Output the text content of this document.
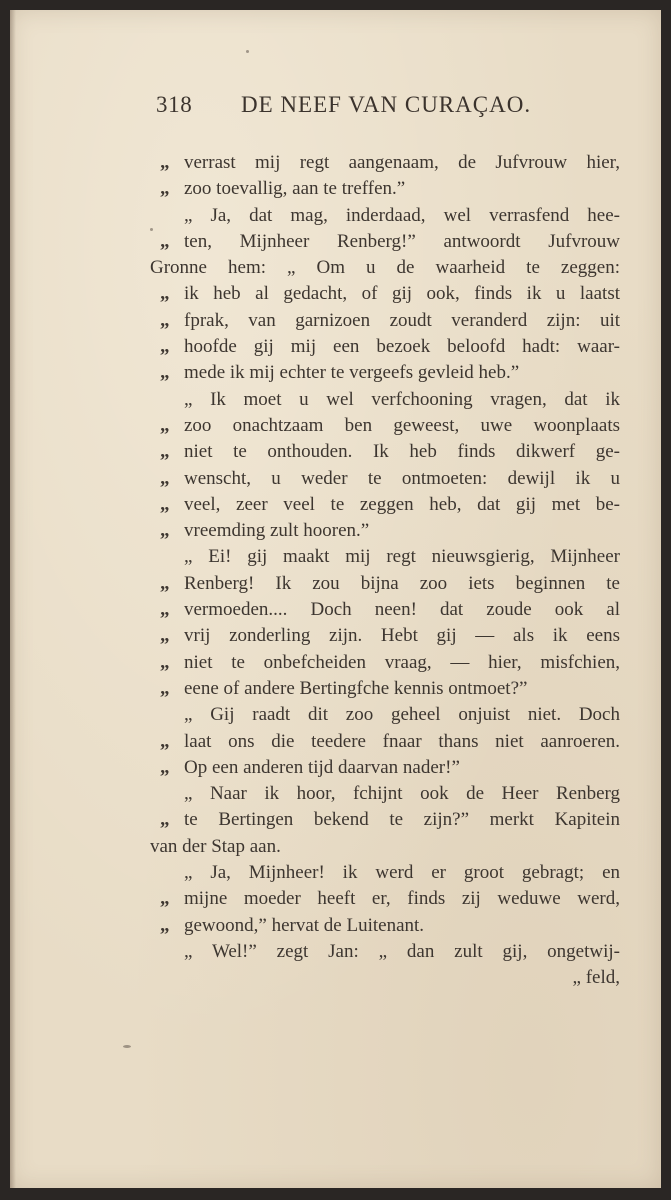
318 DE NEEF VAN CURAÇAO.
„ verrast mij regt aangenaam, de Jufvrouw hier,
„ zoo toevallig, aan te treffen.”
„ Ja, dat mag, inderdaad, wel verrasfend hee-
„ ten, Mijnheer Renberg!” antwoordt Jufvrouw
Gronne hem: „ Om u de waarheid te zeggen:
„ ik heb al gedacht, of gij ook, finds ik u laatst
„ fprak, van garnizoen zoudt veranderd zijn: uit
„ hoofde gij mij een bezoek beloofd hadt: waar-
„ mede ik mij echter te vergeefs gevleid heb.”
„ Ik moet u wel verfchooning vragen, dat ik
„ zoo onachtzaam ben geweest, uwe woonplaats
„ niet te onthouden. Ik heb finds dikwerf ge-
„ wenscht, u weder te ontmoeten: dewijl ik u
„ veel, zeer veel te zeggen heb, dat gij met be-
„ vreemding zult hooren.”
„ Ei! gij maakt mij regt nieuwsgierig, Mijnheer
„ Renberg! Ik zou bijna zoo iets beginnen te
„ vermoeden.... Doch neen! dat zoude ook al
„ vrij zonderling zijn. Hebt gij — als ik eens
„ niet te onbefcheiden vraag, — hier, misfchien,
„ eene of andere Bertingfche kennis ontmoet?”
„ Gij raadt dit zoo geheel onjuist niet. Doch
„ laat ons die teedere fnaar thans niet aanroeren.
„ Op een anderen tijd daarvan nader!”
„ Naar ik hoor, fchijnt ook de Heer Renberg
„ te Bertingen bekend te zijn?” merkt Kapitein
van der Stap aan.
„ Ja, Mijnheer! ik werd er groot gebragt; en
„ mijne moeder heeft er, finds zij weduwe werd,
„ gewoond,” hervat de Luitenant.
„ Wel!” zegt Jan: „ dan zult gij, ongetwij-
„ feld,
